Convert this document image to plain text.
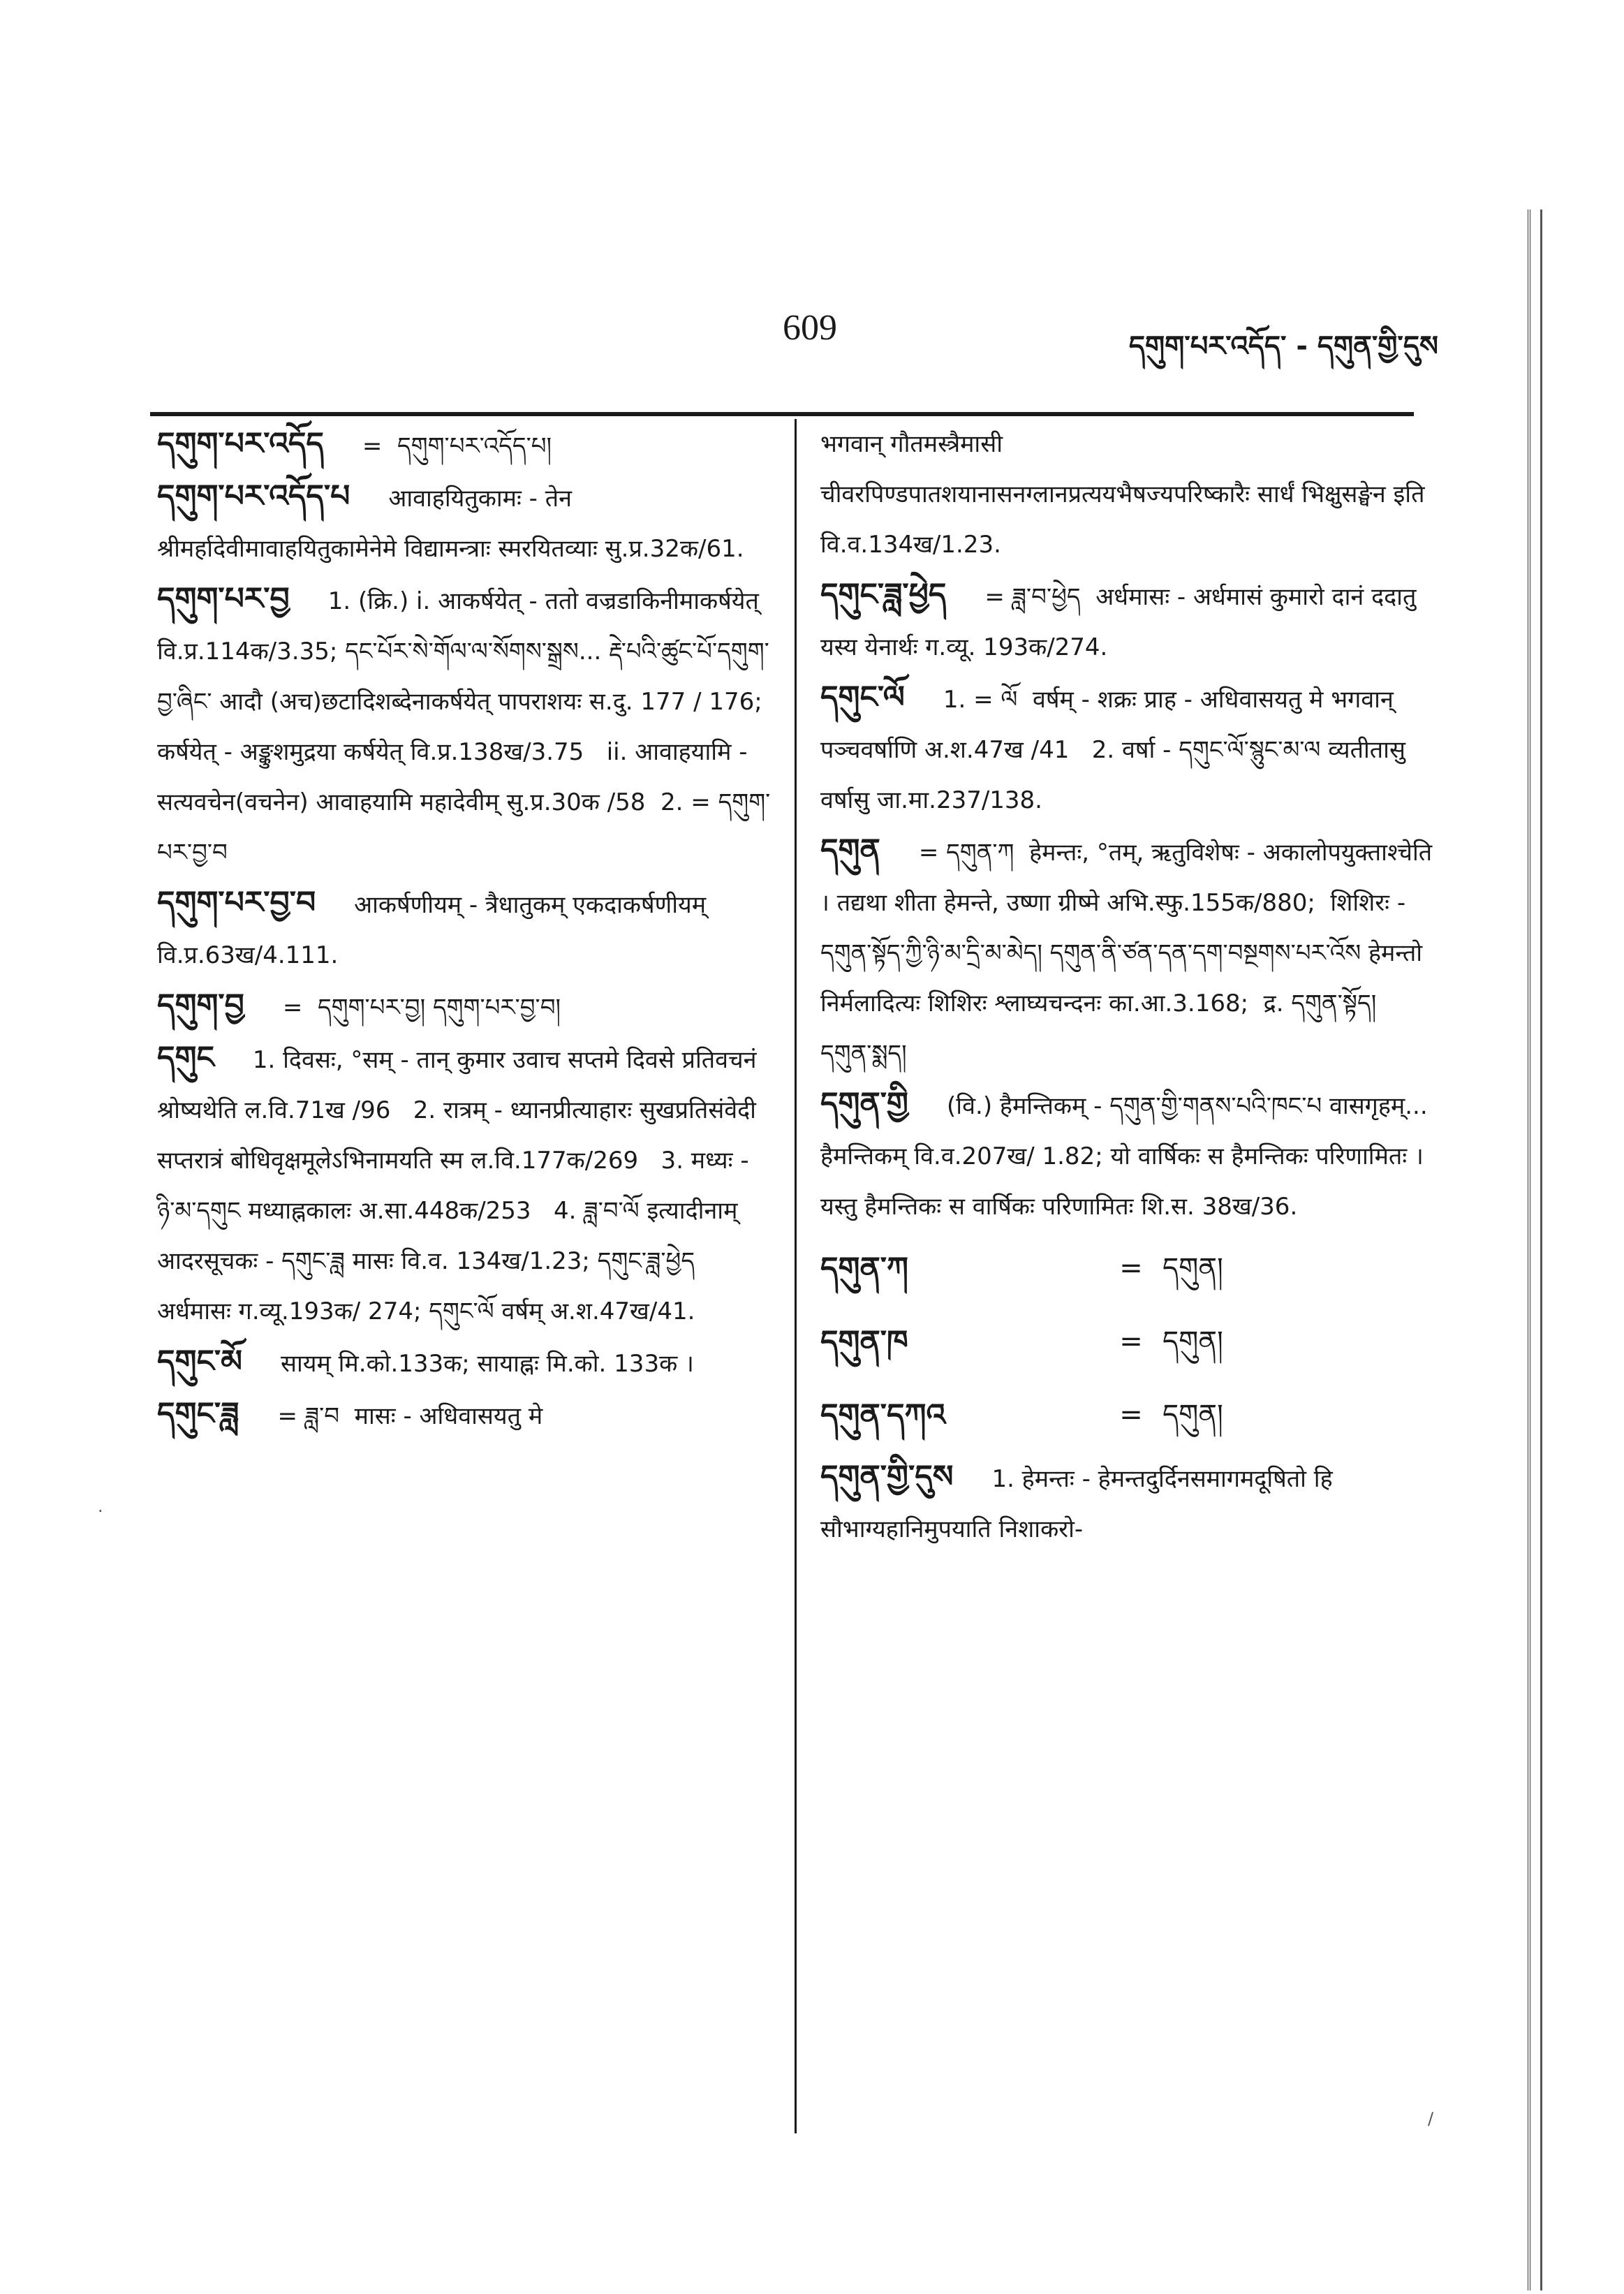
609	དགུག་པར་འདོད་ - དགུན་གྱི་དུས
/
·

དགུག་པར་འདོད =  དགུག་པར་འདོད་པ།

དགུག་པར་འདོད་པ आवाहयितुकामः - तेन श्रीमर्हादेवीमावाहयितुकामेनेमे विद्यामन्त्राः स्मरयितव्याः सु.प्र.32क/61.

དགུག་པར་བྱ 1. (क्रि.) i. आकर्षयेत् - ततो वज्रडाकिनीमाकर्षयेत् वि.प्र.114क/3.35; དང་པོར་སེ་གོལ་ལ་སོགས་སྒྲས... རྡེ་པའི་ཚུང་པོ་དགུག་བྱ་ཞིང་ आदौ (अच)छटादिशब्देनाकर्षयेत् पापराशयः स.दु. 177 / 176;  कर्षयेत् - अङ्कुशमुद्रया कर्षयेत् वि.प्र.138ख/3.75   ii. आवाहयामि - सत्यवचेन(वचनेन) आवाहयामि महादेवीम् सु.प्र.30क /58  2. = དགུག་པར་བྱ་བ

དགུག་པར་བྱ་བ आकर्षणीयम् - त्रैधातुकम् एकदाकर्षणीयम् वि.प्र.63ख/4.111.

དགུག་བྱ =  དགུག་པར་བྱ། དགུག་པར་བྱ་བ།

དགུང 1. दिवसः, °सम् - तान् कुमार उवाच सप्तमे दिवसे प्रतिवचनं श्रोष्यथेति ल.वि.71ख /96   2. रात्रम् - ध्यानप्रीत्याहारः सुखप्रतिसंवेदी सप्तरात्रं बोधिवृक्षमूलेऽभिनामयति स्म ल.वि.177क/269   3. मध्यः - ཉི་མ་དགུང मध्याह्नकालः अ.सा.448क/253   4. ཟླ་བ་ལོ इत्यादीनाम् आदरसूचकः - དགུང་ཟླ मासः वि.व. 134ख/1.23; དགུང་ཟླ་ཕྱེད अर्धमासः ग.व्यू.193क/ 274; དགུང་ལོ वर्षम् अ.श.47ख/41.

དགུང་མོ सायम् मि.को.133क; सायाह्नः मि.को. 133क ।

དགུང་ཟླ = ཟླ་བ  मासः - अधिवासयतु मे

भगवान् गौतमस्त्रैमासी चीवरपिण्डपातशयानासनग्लानप्रत्ययभैषज्यपरिष्कारैः सार्धं भिक्षुसङ्घेन इति वि.व.134ख/1.23.

དགུང་ཟླ་ཕྱེད = ཟླ་བ་ཕྱེད  अर्धमासः - अर्धमासं कुमारो दानं ददातु यस्य येनार्थः ग.व्यू. 193क/274.

དགུང་ལོ 1. = ལོ  वर्षम् - शक्रः प्राह - अधिवासयतु मे भगवान् पञ्चवर्षाणि अ.श.47ख /41   2. वर्षा - དགུང་ལོ་སྙུང་མ་ལ व्यतीतासु वर्षासु जा.मा.237/138.

དགུན = དགུན་ཀ  हेमन्तः, °तम्, ऋतुविशेषः - अकालोपयुक्ताश्चेति । तद्यथा शीता हेमन्ते, उष्णा ग्रीष्मे अभि.स्फु.155क/880;  शिशिरः - དགུན་སྟོད་ཀྱི་ཉི་མ་དྲི་མ་མེད། དགུན་ནི་ཙན་དན་དག་བསྔགས་པར་འོས हेमन्तो निर्मलादित्यः शिशिरः श्लाघ्यचन्दनः का.आ.3.168;  द्र. དགུན་སྟོད། དགུན་སྨད།

དགུན་གྱི (वि.) हैमन्तिकम् - དགུན་གྱི་གནས་པའི་ཁང་པ वासगृहम्... हैमन्तिकम् वि.व.207ख/ 1.82; यो वार्षिकः स हैमन्तिकः परिणामितः । यस्तु हैमन्तिकः स वार्षिकः परिणामितः शि.स. 38ख/36.

དགུན་ཀ	= དགུན།
དགུན་ཁ	= དགུན།
དགུན་དཀའ	= དགུན།

དགུན་གྱི་དུས 1. हेमन्तः - हेमन्तदुर्दिनसमागमदूषितो हि सौभाग्यहानिमुपयाति निशाकरो-
